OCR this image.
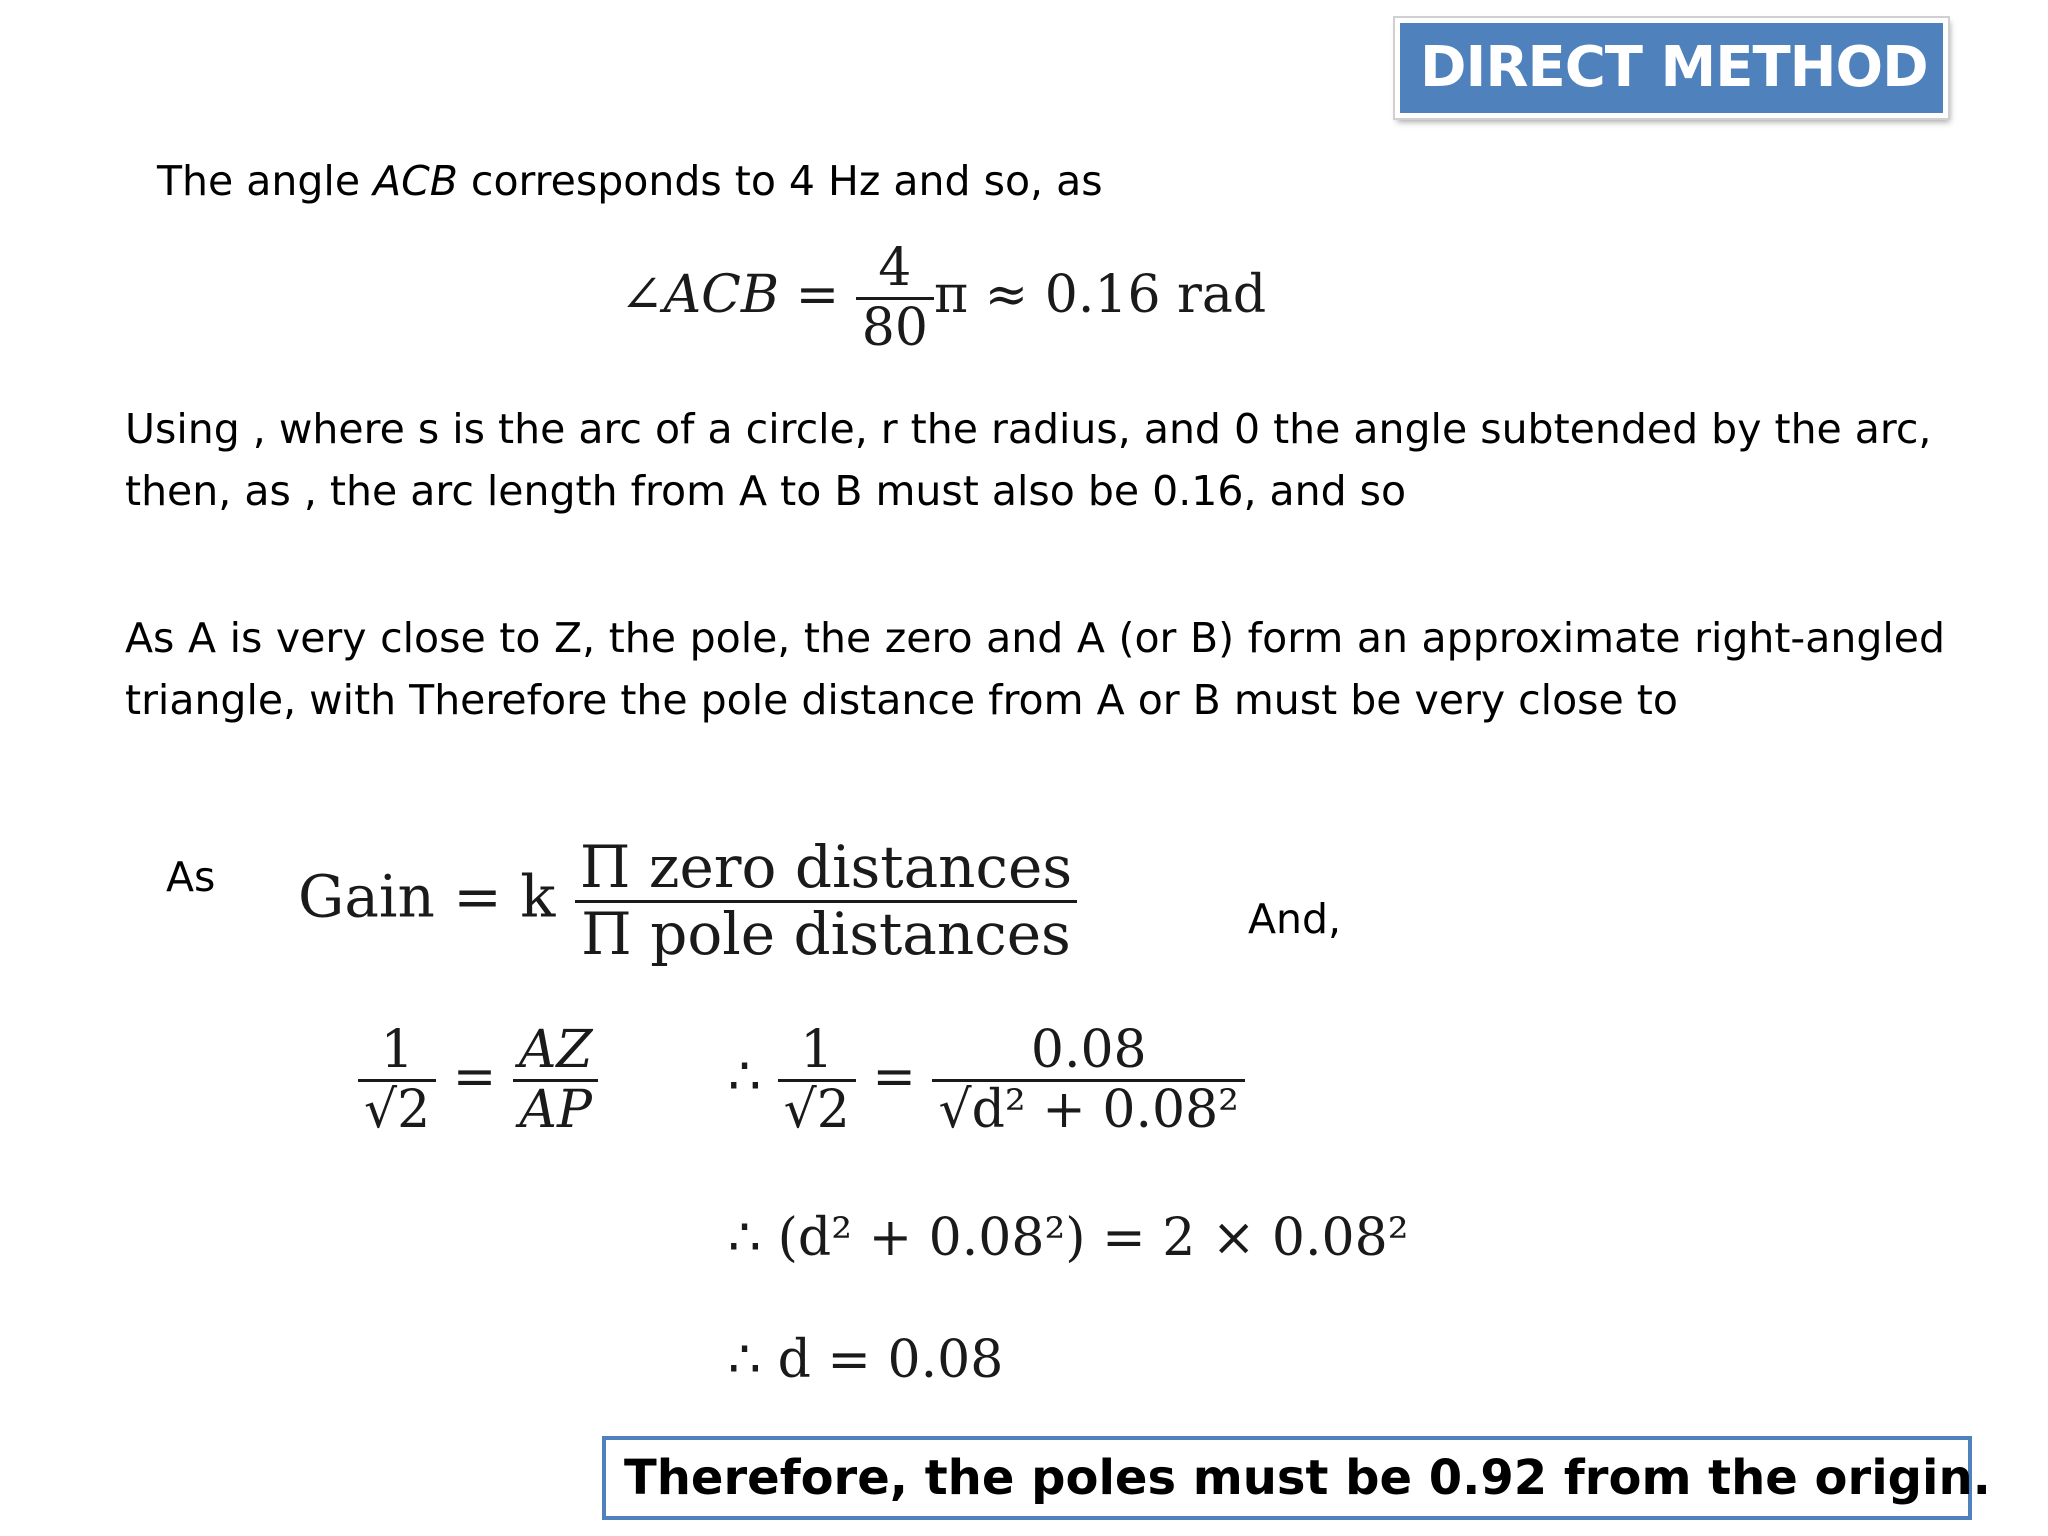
DIRECT METHOD
The angle ACB corresponds to 4 Hz and so, as
∠ACB = $\frac{4}{80}$ π ≈ 0.16 rad
Using , where s is the arc of a circle, r the radius, and 0 the angle subtended by the arc, then, as , the arc length from A to B must also be 0.16, and so
As A is very close to Z, the pole, the zero and A (or B) form an approximate right-angled triangle, with Therefore the pole distance from A or B must be very close to
As Gain = k $\frac{\text{Π zero distances}}{\text{Π pole distances}}$	And,
$\frac{1}{√2} = \frac{AZ}{AP}$ ∴ $\frac{1}{√2} = \frac{0.08}{\text{√d² + 0.08²}}$
∴ (d² + 0.08²) = 2 × 0.08²
∴ d = 0.08
Therefore, the poles must be 0.92 from the origin.
